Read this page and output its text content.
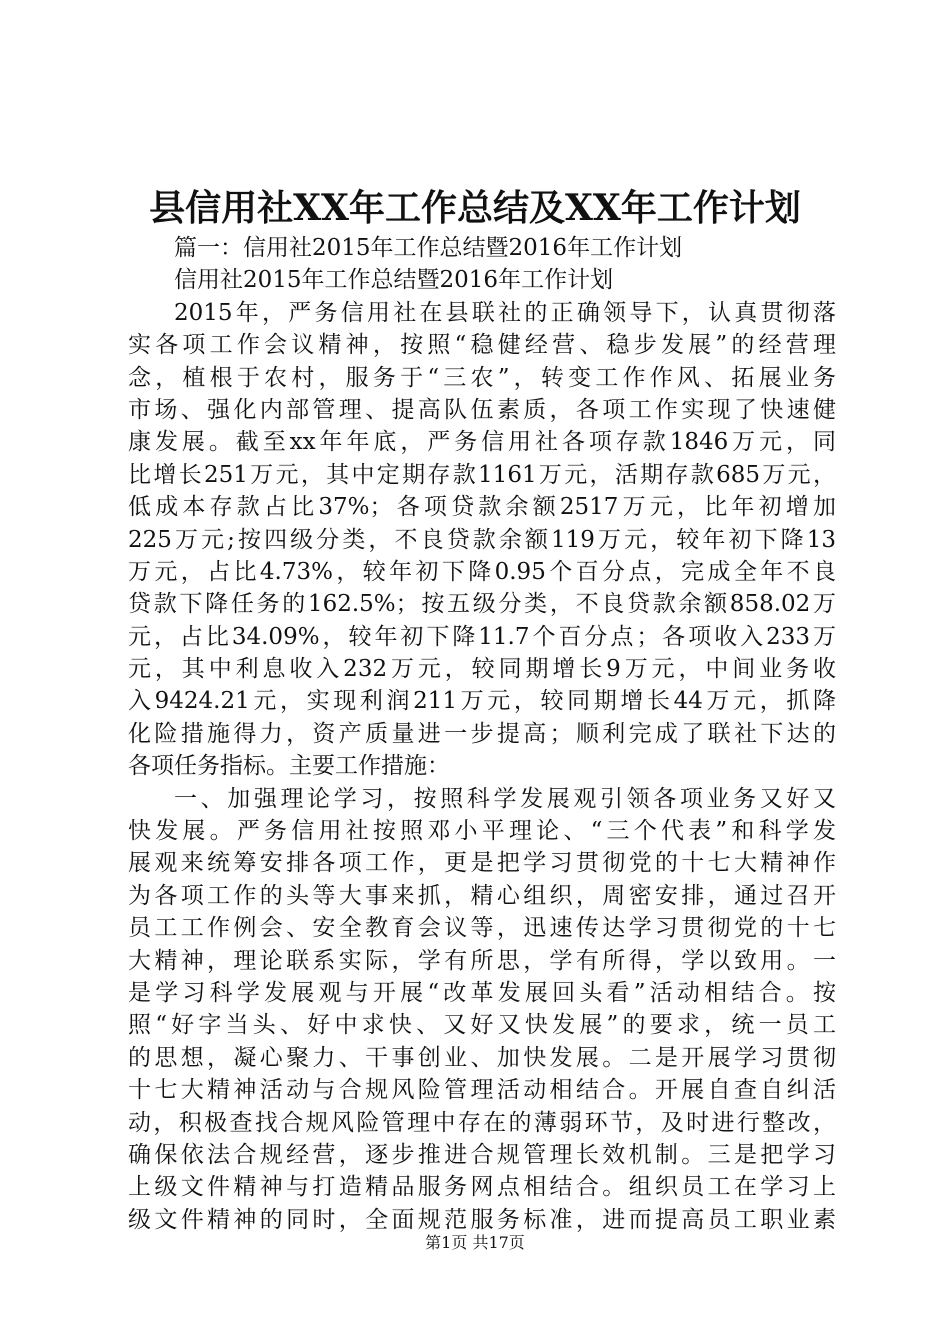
县信用社XX年工作总结及XX年工作计划
篇一：信用社2015年工作总结暨2016年工作计划
信用社2015年工作总结暨2016年工作计划
2015年，严务信用社在县联社的正确领导下，认真贯彻落
实各项工作会议精神，按照“稳健经营、稳步发展”的经营理
念，植根于农村，服务于“三农”，转变工作作风、拓展业务
市场、强化内部管理、提高队伍素质，各项工作实现了快速健
康发展。截至xx年年底，严务信用社各项存款1846万元，同
比增长251万元，其中定期存款1161万元，活期存款685万元，
低成本存款占比37%；各项贷款余额2517万元，比年初增加
225万元;按四级分类，不良贷款余额119万元，较年初下降13
万元，占比4.73%，较年初下降0.95个百分点，完成全年不良
贷款下降任务的162.5%；按五级分类，不良贷款余额858.02万
元，占比34.09%，较年初下降11.7个百分点；各项收入233万
元，其中利息收入232万元，较同期增长9万元，中间业务收
入9424.21元，实现利润211万元，较同期增长44万元，抓降
化险措施得力，资产质量进一步提高；顺利完成了联社下达的
各项任务指标。主要工作措施：
一、加强理论学习，按照科学发展观引领各项业务又好又
快发展。严务信用社按照邓小平理论、“三个代表”和科学发
展观来统筹安排各项工作，更是把学习贯彻党的十七大精神作
为各项工作的头等大事来抓，精心组织，周密安排，通过召开
员工工作例会、安全教育会议等，迅速传达学习贯彻党的十七
大精神，理论联系实际，学有所思，学有所得，学以致用。一
是学习科学发展观与开展“改革发展回头看”活动相结合。按
照“好字当头、好中求快、又好又快发展”的要求，统一员工
的思想，凝心聚力、干事创业、加快发展。二是开展学习贯彻
十七大精神活动与合规风险管理活动相结合。开展自查自纠活
动，积极查找合规风险管理中存在的薄弱环节，及时进行整改，
确保依法合规经营，逐步推进合规管理长效机制。三是把学习
上级文件精神与打造精品服务网点相结合。组织员工在学习上
级文件精神的同时，全面规范服务标准，进而提高员工职业素
第1页 共17页
